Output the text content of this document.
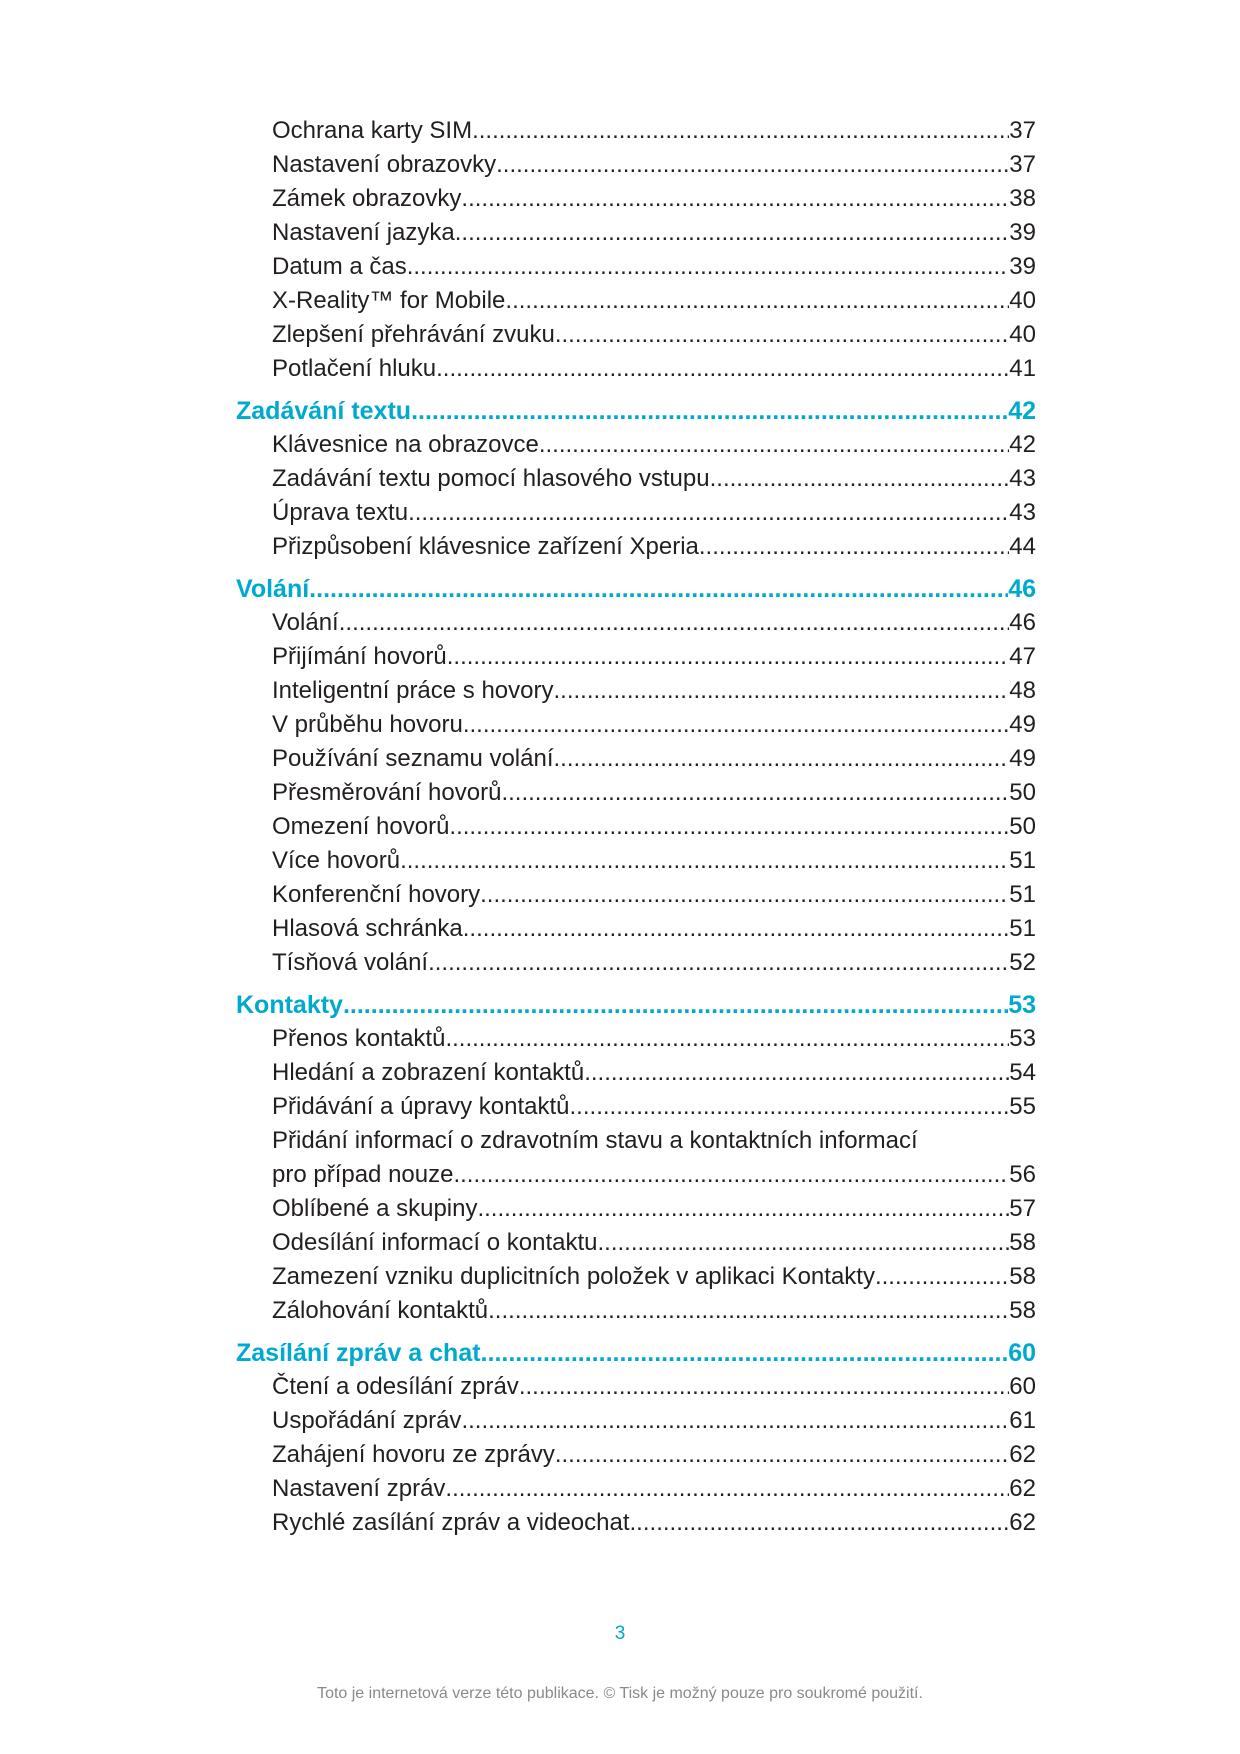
Ochrana karty SIM .....	37
Nastavení obrazovky .....	37
Zámek obrazovky .....	38
Nastavení jazyka .....	39
Datum a čas .....	39
X-Reality™ for Mobile .....	40
Zlepšení přehrávání zvuku .....	40
Potlačení hluku .....	41
Zadávání textu .....	42
Klávesnice na obrazovce .....	42
Zadávání textu pomocí hlasového vstupu .....	43
Úprava textu .....	43
Přizpůsobení klávesnice zařízení Xperia .....	44
Volání .....	46
Volání .....	46
Přijímání hovorů .....	47
Inteligentní práce s hovory .....	48
V průběhu hovoru .....	49
Používání seznamu volání .....	49
Přesměrování hovorů .....	50
Omezení hovorů .....	50
Více hovorů .....	51
Konferenční hovory .....	51
Hlasová schránka .....	51
Tísňová volání .....	52
Kontakty .....	53
Přenos kontaktů .....	53
Hledání a zobrazení kontaktů .....	54
Přidávání a úpravy kontaktů .....	55
Přidání informací o zdravotním stavu a kontaktních informací
pro případ nouze .....	56
Oblíbené a skupiny .....	57
Odesílání informací o kontaktu .....	58
Zamezení vzniku duplicitních položek v aplikaci Kontakty .....	58
Zálohování kontaktů .....	58
Zasílání zpráv a chat .....	60
Čtení a odesílání zpráv .....	60
Uspořádání zpráv .....	61
Zahájení hovoru ze zprávy .....	62
Nastavení zpráv .....	62
Rychlé zasílání zpráv a videochat .....	62
3
Toto je internetová verze této publikace. © Tisk je možný pouze pro soukromé použití.
